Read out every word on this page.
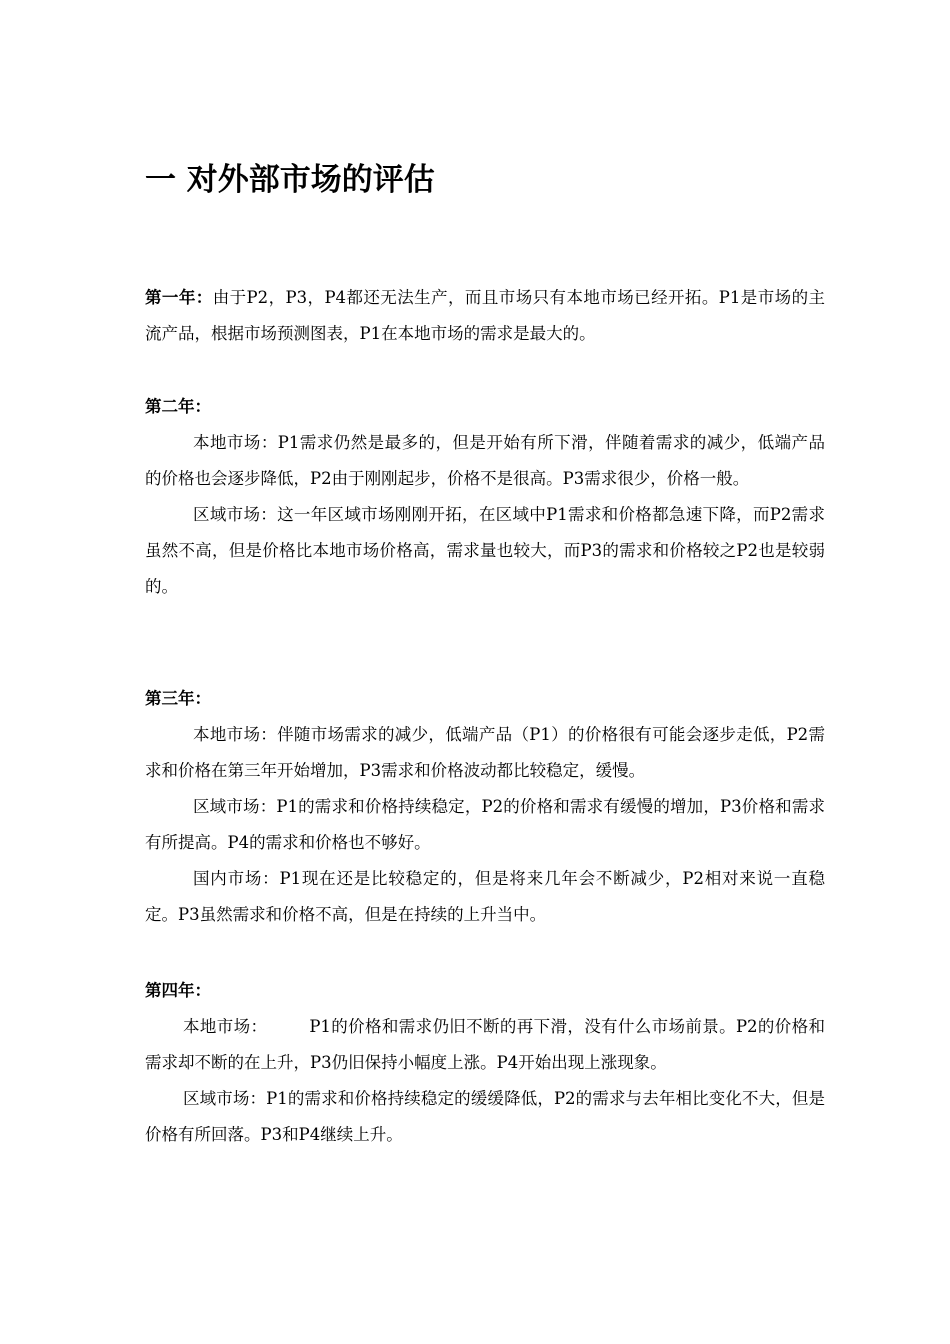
一 对外部市场的评估

第一年：由于P2，P3，P4都还无法生产，而且市场只有本地市场已经开拓。P1是市场的主流产品，根据市场预测图表，P1在本地市场的需求是最大的。

第二年：

本地市场：P1需求仍然是最多的，但是开始有所下滑，伴随着需求的减少，低端产品的价格也会逐步降低，P2由于刚刚起步，价格不是很高。P3需求很少，价格一般。

区域市场：这一年区域市场刚刚开拓，在区域中P1需求和价格都急速下降，而P2需求虽然不高，但是价格比本地市场价格高，需求量也较大，而P3的需求和价格较之P2也是较弱的。

第三年：

本地市场：伴随市场需求的减少，低端产品（P1）的价格很有可能会逐步走低，P2需求和价格在第三年开始增加，P3需求和价格波动都比较稳定，缓慢。

区域市场：P1的需求和价格持续稳定，P2的价格和需求有缓慢的增加，P3价格和需求有所提高。P4的需求和价格也不够好。

国内市场：P1现在还是比较稳定的，但是将来几年会不断减少，P2相对来说一直稳定。P3虽然需求和价格不高，但是在持续的上升当中。

第四年：

本地市场：	P1的价格和需求仍旧不断的再下滑，没有什么市场前景。P2的价格和需求却不断的在上升，P3仍旧保持小幅度上涨。P4开始出现上涨现象。

区域市场：P1的需求和价格持续稳定的缓缓降低，P2的需求与去年相比变化不大，但是价格有所回落。P3和P4继续上升。
